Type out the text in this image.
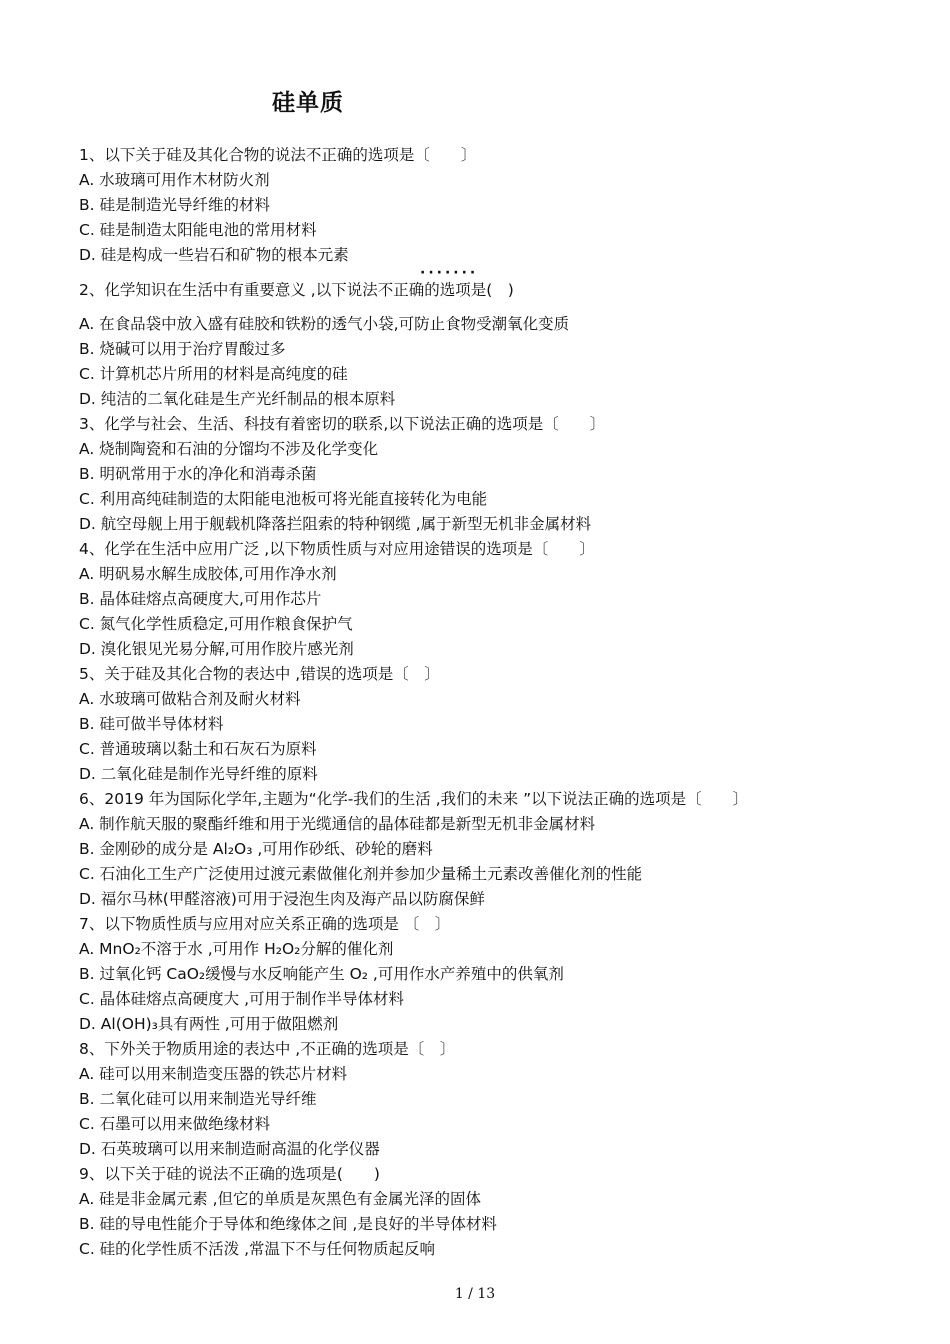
硅单质
1、以下关于硅及其化合物的说法不正确的选项是〔　　〕
A. 水玻璃可用作木材防火剂
B. 硅是制造光导纤维的材料
C. 硅是制造太阳能电池的常用材料
D. 硅是构成一些岩石和矿物的根本元素
·······
2、化学知识在生活中有重要意义 ,以下说法不正确的选项是(　)
A. 在食品袋中放入盛有硅胶和铁粉的透气小袋,可防止食物受潮氧化变质
B. 烧碱可以用于治疗胃酸过多
C. 计算机芯片所用的材料是高纯度的硅
D. 纯洁的二氧化硅是生产光纤制品的根本原料
3、化学与社会、生活、科技有着密切的联系,以下说法正确的选项是〔　　〕
A. 烧制陶瓷和石油的分馏均不涉及化学变化
B. 明矾常用于水的净化和消毒杀菌
C. 利用高纯硅制造的太阳能电池板可将光能直接转化为电能
D. 航空母舰上用于舰载机降落拦阻索的特种钢缆 ,属于新型无机非金属材料
4、化学在生活中应用广泛 ,以下物质性质与对应用途错误的选项是〔　　〕
A. 明矾易水解生成胶体,可用作净水剂
B. 晶体硅熔点高硬度大,可用作芯片
C. 氮气化学性质稳定,可用作粮食保护气
D. 溴化银见光易分解,可用作胶片感光剂
5、关于硅及其化合物的表达中 ,错误的选项是〔　〕
A. 水玻璃可做粘合剂及耐火材料
B. 硅可做半导体材料
C. 普通玻璃以黏土和石灰石为原料
D. 二氧化硅是制作光导纤维的原料
6、2019 年为国际化学年,主题为“化学-我们的生活 ,我们的未来 ”以下说法正确的选项是〔　　〕
A. 制作航天服的聚酯纤维和用于光缆通信的晶体硅都是新型无机非金属材料
B. 金刚砂的成分是 Al₂O₃ ,可用作砂纸、砂轮的磨料
C. 石油化工生产广泛使用过渡元素做催化剂并参加少量稀土元素改善催化剂的性能
D. 福尔马林(甲醛溶液)可用于浸泡生肉及海产品以防腐保鲜
7、以下物质性质与应用对应关系正确的选项是 〔　〕
A. MnO₂不溶于水 ,可用作 H₂O₂分解的催化剂
B. 过氧化钙 CaO₂缓慢与水反响能产生 O₂ ,可用作水产养殖中的供氧剂
C. 晶体硅熔点高硬度大 ,可用于制作半导体材料
D. Al(OH)₃具有两性 ,可用于做阻燃剂
8、下外关于物质用途的表达中 ,不正确的选项是〔　〕
A. 硅可以用来制造变压器的铁芯片材料
B. 二氧化硅可以用来制造光导纤维
C. 石墨可以用来做绝缘材料
D. 石英玻璃可以用来制造耐高温的化学仪器
9、以下关于硅的说法不正确的选项是(　　)
A. 硅是非金属元素 ,但它的单质是灰黑色有金属光泽的固体
B. 硅的导电性能介于导体和绝缘体之间 ,是良好的半导体材料
C. 硅的化学性质不活泼 ,常温下不与任何物质起反响
1 / 13
